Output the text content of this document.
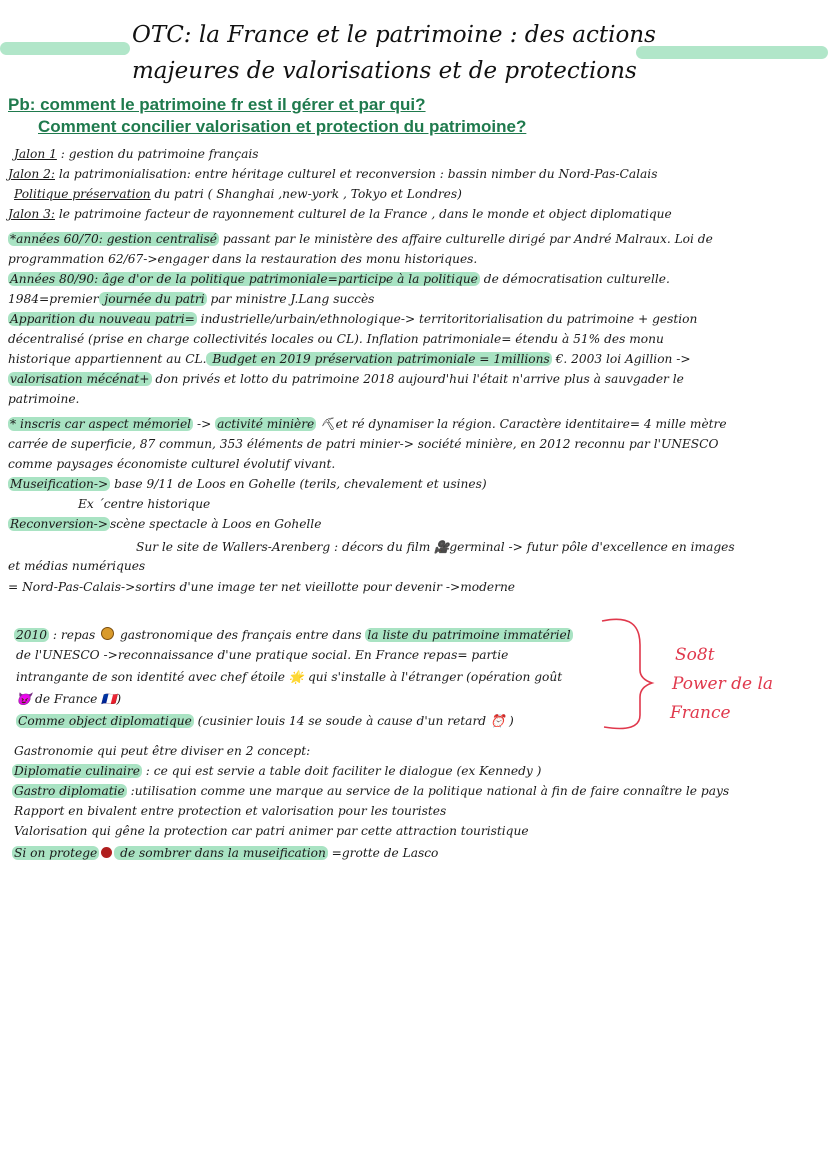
OTC: la France et le patrimoine : des actions
majeures de valorisations et de protections
Pb: comment le patrimoine fr est il gérer et par qui?
Comment concilier valorisation et protection du patrimoine?
Jalon 1 : gestion du patrimoine français
Jalon 2: la patrimonialisation: entre héritage culturel et reconversion : bassin nimber du Nord-Pas-Calais
Politique préservation du patri ( Shanghai ,new-york , Tokyo et Londres)
Jalon 3: le patrimoine facteur de rayonnement culturel de la France , dans le monde et object diplomatique
*années 60/70: gestion centralisé passant par le ministère des affaire culturelle dirigé par André Malraux. Loi de
programmation 62/67->engager dans la restauration des monu historiques.
Années 80/90: âge d'or de la politique patrimoniale=participe à la politique de démocratisation culturelle.
1984=premier journée du patri par ministre J.Lang succès
Apparition du nouveau patri= industrielle/urbain/ethnologique-> territoritorialisation du patrimoine + gestion
décentralisé (prise en charge collectivités locales ou CL). Inflation patrimoniale= étendu à 51% des monu
historique appartiennent au CL. Budget en 2019 préservation patrimoniale = 1millions €. 2003 loi Agillion ->
valorisation mécénat+ don privés et lotto du patrimoine 2018 aujourd'hui l'était n'arrive plus à sauvgader le
patrimoine.
* inscris car aspect mémoriel -> activité minière ⛏et ré dynamiser la région. Caractère identitaire= 4 mille mètre
carrée de superficie, 87 commun, 353 éléments de patri minier-> société minière, en 2012 reconnu par l'UNESCO
comme paysages économiste culturel évolutif vivant.
Museification-> base 9/11 de Loos en Gohelle (terils, chevalement et usines)
Ex ´centre historique
Reconversion-> scène spectacle à Loos en Gohelle
Sur le site de Wallers-Arenberg : décors du film 🎥germinal -> futur pôle d'excellence en images
et médias numériques
= Nord-Pas-Calais->sortirs d'une image ter net vieillotte pour devenir ->moderne
2010 : repas  gastronomique des français entre dans la liste du patrimoine immatériel
de l'UNESCO ->reconnaissance d'une pratique social. En France repas= partie
intrangante de son identité avec chef étoile 🌟 qui s'installe à l'étranger (opération goût
😈 de France 🇫🇷)
Comme object diplomatique (cusinier louis 14 se soude à cause d'un retard ⏰ )
So8t
Power de la
France
Gastronomie qui peut être diviser en 2 concept:
Diplomatie culinaire : ce qui est servie a table doit faciliter le dialogue (ex Kennedy )
Gastro diplomatie :utilisation comme une marque au service de la politique national à fin de faire connaître le pays
Rapport en bivalent entre protection et valorisation pour les touristes
Valorisation qui gêne la protection car patri animer par cette attraction touristique
Si on protege de sombrer dans la museification =grotte de Lasco
